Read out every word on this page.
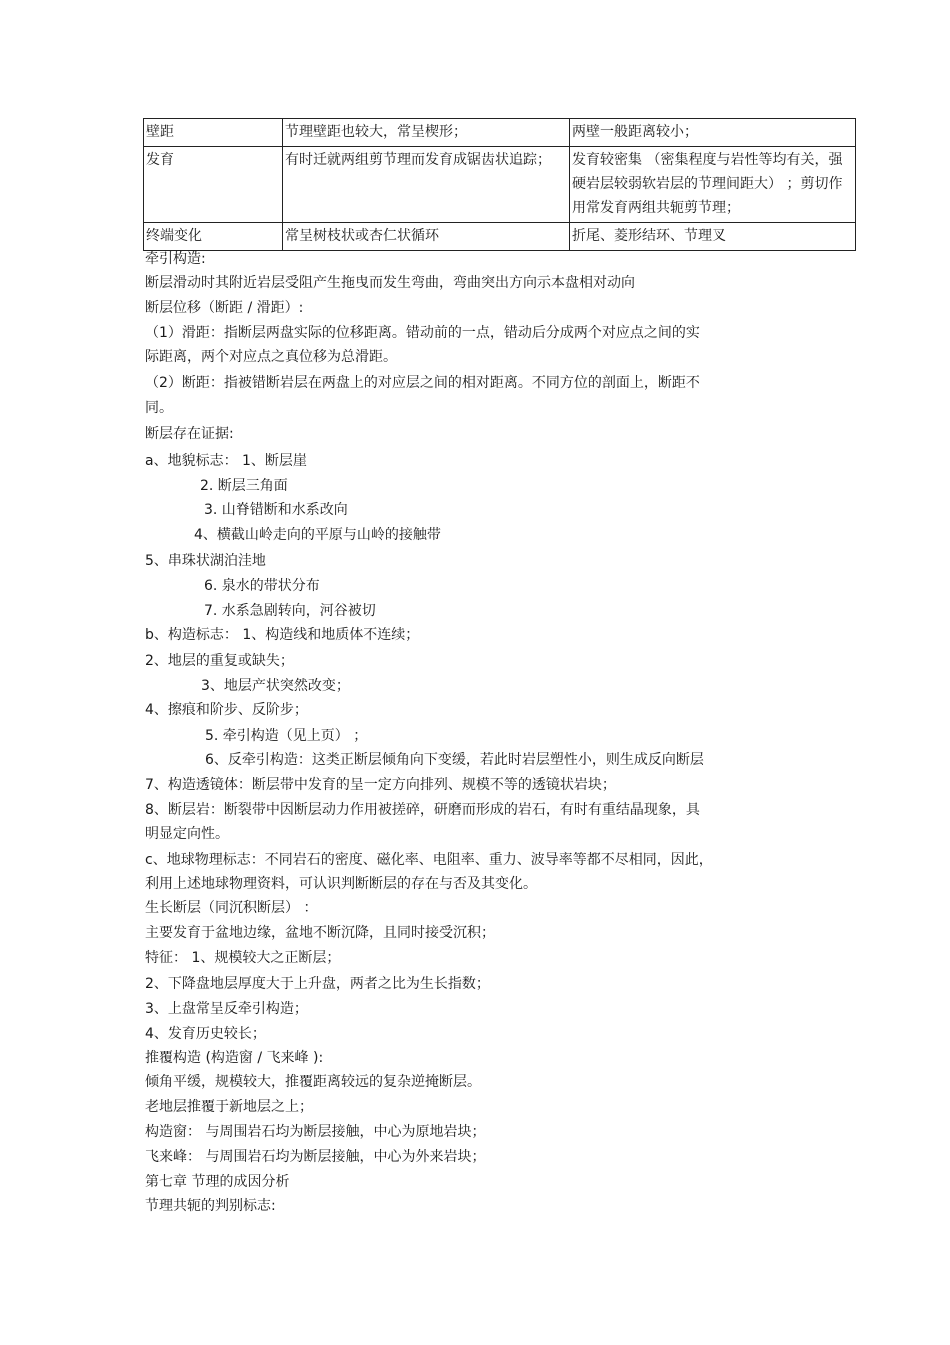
壁距	节理壁距也较大，常呈楔形；	两壁一般距离较小；
发育	有时迁就两组剪节理而发育成锯齿状追踪；	发育较密集 （密集程度与岩性等均有关，强硬岩层较弱软岩层的节理间距大） ；剪切作用常发育两组共轭剪节理；
终端变化	常呈树枝状或杏仁状循环	折尾、菱形结环、节理叉
牵引构造:
断层滑动时其附近岩层受阻产生拖曳而发生弯曲，弯曲突出方向示本盘相对动向
断层位移（断距 / 滑距）:
（1）滑距：指断层两盘实际的位移距离。错动前的一点，错动后分成两个对应点之间的实
际距离，两个对应点之真位移为总滑距。
（2）断距：指被错断岩层在两盘上的对应层之间的相对距离。不同方位的剖面上，断距不
同。
断层存在证据:
a、地貌标志： 1、断层崖
2. 断层三角面
3. 山脊错断和水系改向
4、横截山岭走向的平原与山岭的接触带
5、串珠状湖泊洼地
6. 泉水的带状分布
7. 水系急剧转向，河谷被切
b、构造标志： 1、构造线和地质体不连续；
2、地层的重复或缺失；
3、地层产状突然改变；
4、擦痕和阶步、反阶步；
5. 牵引构造（见上页） ；
6、反牵引构造：这类正断层倾角向下变缓，若此时岩层塑性小，则生成反向断层
7、构造透镜体：断层带中发育的呈一定方向排列、规模不等的透镜状岩块；
8、断层岩：断裂带中因断层动力作用被搓碎，研磨而形成的岩石，有时有重结晶现象，具
明显定向性。
c、地球物理标志：不同岩石的密度、磁化率、电阻率、重力、波导率等都不尽相同，因此，
利用上述地球物理资料，可认识判断断层的存在与否及其变化。
生长断层（同沉积断层） ：
主要发育于盆地边缘，盆地不断沉降，且同时接受沉积；
特征： 1、规模较大之正断层；
2、下降盘地层厚度大于上升盘，两者之比为生长指数；
3、上盘常呈反牵引构造；
4、发育历史较长；
推覆构造 (构造窗 / 飞来峰 ):
倾角平缓，规模较大，推覆距离较远的复杂逆掩断层。
老地层推覆于新地层之上；
构造窗： 与周围岩石均为断层接触，中心为原地岩块；
飞来峰： 与周围岩石均为断层接触，中心为外来岩块；
第七章 节理的成因分析
节理共轭的判别标志:
